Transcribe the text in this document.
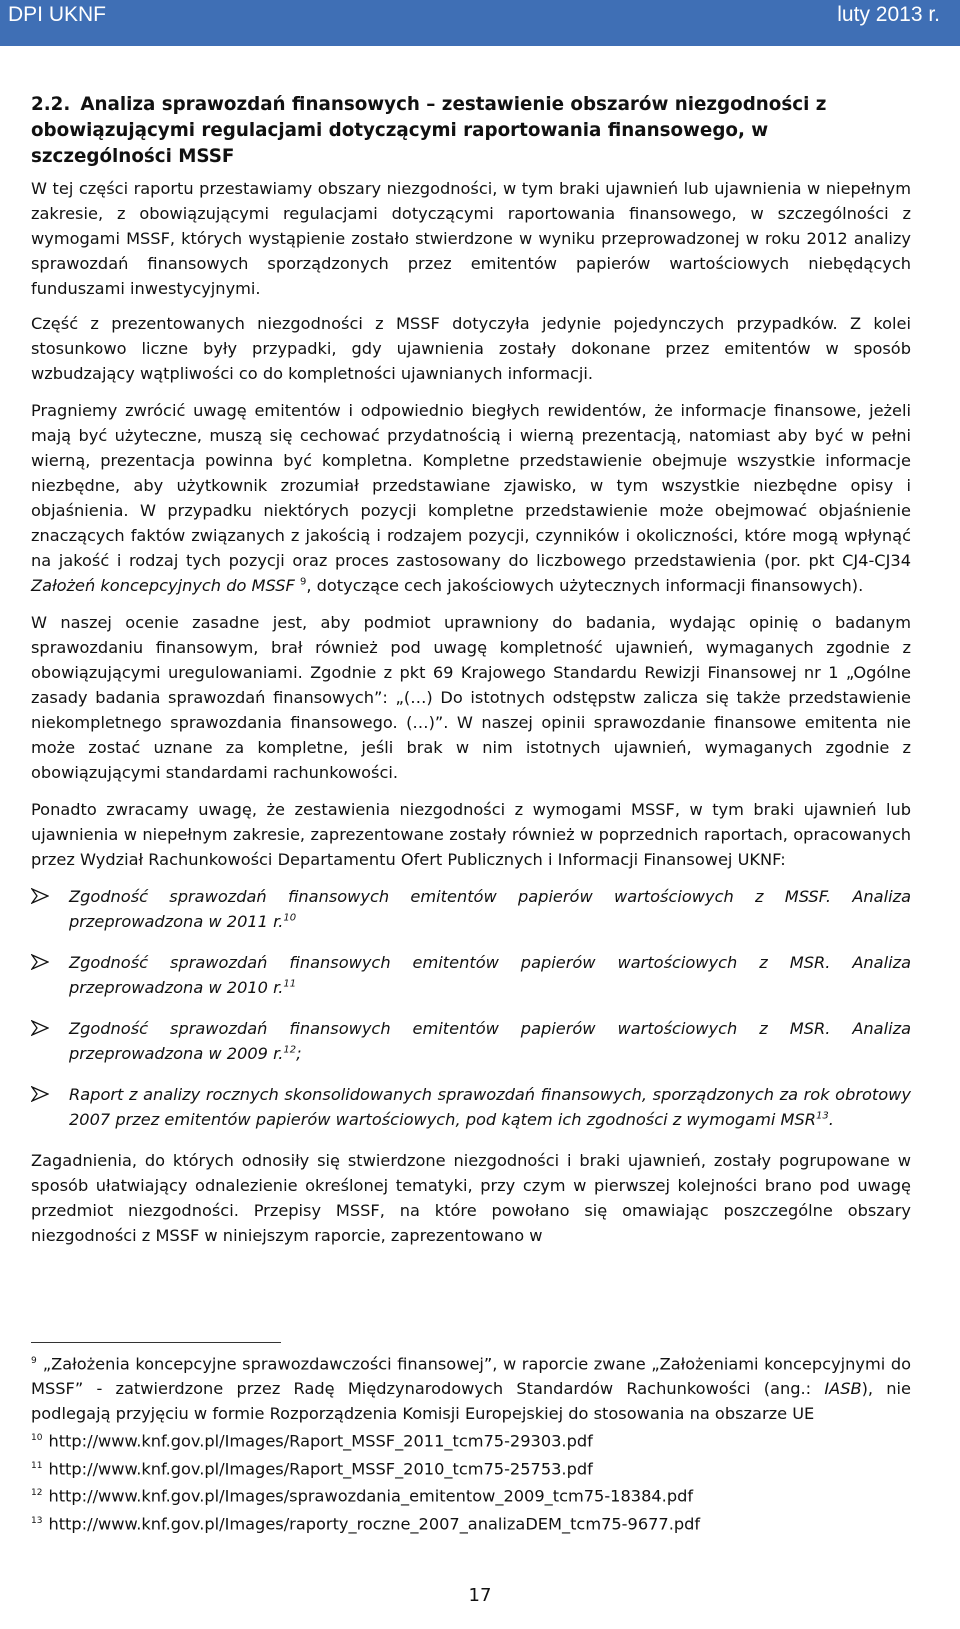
DPI UKNF	luty 2013 r.
2.2. Analiza sprawozdań finansowych – zestawienie obszarów niezgodności z obowiązującymi regulacjami dotyczącymi raportowania finansowego, w szczególności MSSF

W tej części raportu przestawiamy obszary niezgodności, w tym braki ujawnień lub ujawnienia w niepełnym zakresie, z obowiązującymi regulacjami dotyczącymi raportowania finansowego, w szczególności z wymogami MSSF, których wystąpienie zostało stwierdzone w wyniku przeprowadzonej w roku 2012 analizy sprawozdań finansowych sporządzonych przez emitentów papierów wartościowych niebędących funduszami inwestycyjnymi.

Część z prezentowanych niezgodności z MSSF dotyczyła jedynie pojedynczych przypadków. Z kolei stosunkowo liczne były przypadki, gdy ujawnienia zostały dokonane przez emitentów w sposób wzbudzający wątpliwości co do kompletności ujawnianych informacji.

Pragniemy zwrócić uwagę emitentów i odpowiednio biegłych rewidentów, że informacje finansowe, jeżeli mają być użyteczne, muszą się cechować przydatnością i wierną prezentacją, natomiast aby być w pełni wierną, prezentacja powinna być kompletna. Kompletne przedstawienie obejmuje wszystkie informacje niezbędne, aby użytkownik zrozumiał przedstawiane zjawisko, w tym wszystkie niezbędne opisy i objaśnienia. W przypadku niektórych pozycji kompletne przedstawienie może obejmować objaśnienie znaczących faktów związanych z jakością i rodzajem pozycji, czynników i okoliczności, które mogą wpłynąć na jakość i rodzaj tych pozycji oraz proces zastosowany do liczbowego przedstawienia (por. pkt CJ4-CJ34 Założeń koncepcyjnych do MSSF $^9$, dotyczące cech jakościowych użytecznych informacji finansowych).

W naszej ocenie zasadne jest, aby podmiot uprawniony do badania, wydając opinię o badanym sprawozdaniu finansowym, brał również pod uwagę kompletność ujawnień, wymaganych zgodnie z obowiązującymi uregulowaniami. Zgodnie z pkt 69 Krajowego Standardu Rewizji Finansowej nr 1 „Ogólne zasady badania sprawozdań finansowych”: „(…) Do istotnych odstępstw zalicza się także przedstawienie niekompletnego sprawozdania finansowego. (…)”. W naszej opinii sprawozdanie finansowe emitenta nie może zostać uznane za kompletne, jeśli brak w nim istotnych ujawnień, wymaganych zgodnie z obowiązującymi standardami rachunkowości.

Ponadto zwracamy uwagę, że zestawienia niezgodności z wymogami MSSF, w tym braki ujawnień lub ujawnienia w niepełnym zakresie, zaprezentowane zostały również w poprzednich raportach, opracowanych przez Wydział Rachunkowości Departamentu Ofert Publicznych i Informacji Finansowej UKNF:

Zgodność sprawozdań finansowych emitentów papierów wartościowych z MSSF. Analiza przeprowadzona w 2011 r.$^{10}$
Zgodność sprawozdań finansowych emitentów papierów wartościowych z MSR. Analiza przeprowadzona w 2010 r.$^{11}$
Zgodność sprawozdań finansowych emitentów papierów wartościowych z MSR. Analiza przeprowadzona w 2009 r.$^{12}$;
Raport z analizy rocznych skonsolidowanych sprawozdań finansowych, sporządzonych za rok obrotowy 2007 przez emitentów papierów wartościowych, pod kątem ich zgodności z wymogami MSR$^{13}$.

Zagadnienia, do których odnosiły się stwierdzone niezgodności i braki ujawnień, zostały pogrupowane w sposób ułatwiający odnalezienie określonej tematyki, przy czym w pierwszej kolejności brano pod uwagę przedmiot niezgodności. Przepisy MSSF, na które powołano się omawiając poszczególne obszary niezgodności z MSSF w niniejszym raporcie, zaprezentowano w

$^9$ „Założenia koncepcyjne sprawozdawczości finansowej”, w raporcie zwane „Założeniami koncepcyjnymi do MSSF” - zatwierdzone przez Radę Międzynarodowych Standardów Rachunkowości (ang.: IASB), nie podlegają przyjęciu w formie Rozporządzenia Komisji Europejskiej do stosowania na obszarze UE

$^{10}$ http://www.knf.gov.pl/Images/Raport_MSSF_2011_tcm75-29303.pdf

$^{11}$ http://www.knf.gov.pl/Images/Raport_MSSF_2010_tcm75-25753.pdf

$^{12}$ http://www.knf.gov.pl/Images/sprawozdania_emitentow_2009_tcm75-18384.pdf

$^{13}$ http://www.knf.gov.pl/Images/raporty_roczne_2007_analizaDEM_tcm75-9677.pdf

17
